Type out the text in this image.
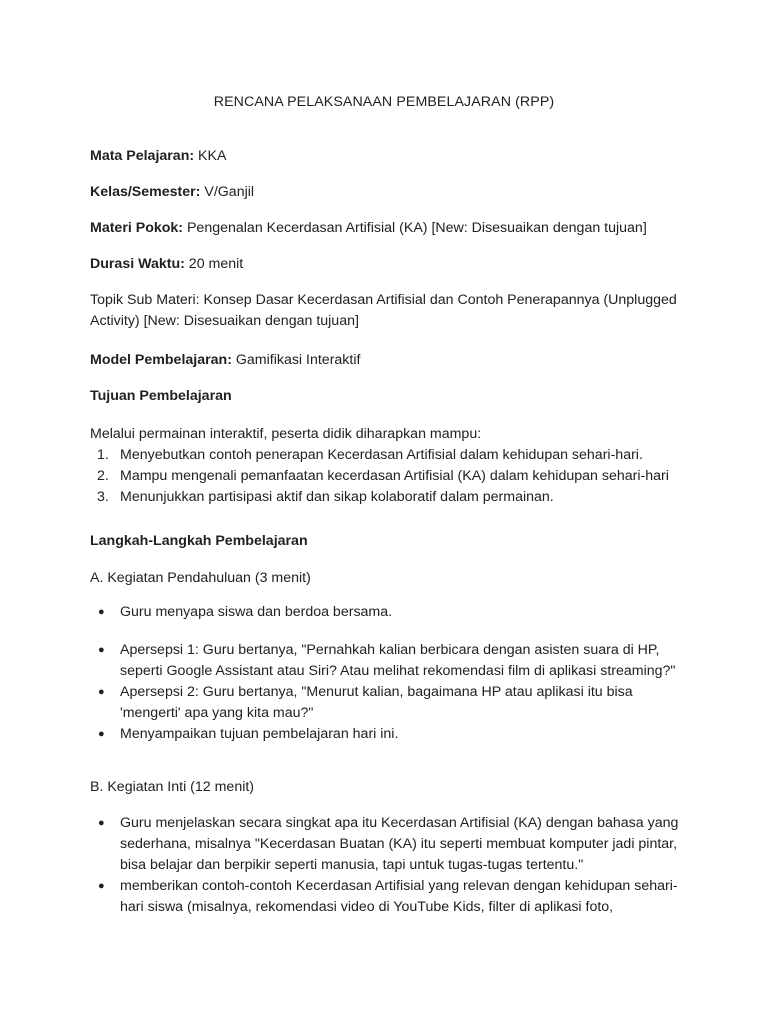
RENCANA PELAKSANAAN PEMBELAJARAN (RPP)
Mata Pelajaran: KKA
Kelas/Semester: V/Ganjil
Materi Pokok: Pengenalan Kecerdasan Artifisial (KA) [New: Disesuaikan dengan tujuan]
Durasi Waktu: 20 menit
Topik Sub Materi: Konsep Dasar Kecerdasan Artifisial dan Contoh Penerapannya (Unplugged Activity) [New: Disesuaikan dengan tujuan]
Model Pembelajaran: Gamifikasi Interaktif
Tujuan Pembelajaran
Melalui permainan interaktif, peserta didik diharapkan mampu:
1. Menyebutkan contoh penerapan Kecerdasan Artifisial dalam kehidupan sehari-hari.
2. Mampu mengenali pemanfaatan kecerdasan Artifisial (KA) dalam kehidupan sehari-hari
3. Menunjukkan partisipasi aktif dan sikap kolaboratif dalam permainan.
Langkah-Langkah Pembelajaran
A. Kegiatan Pendahuluan (3 menit)
● Guru menyapa siswa dan berdoa bersama.
● Apersepsi 1: Guru bertanya, "Pernahkah kalian berbicara dengan asisten suara di HP, seperti Google Assistant atau Siri? Atau melihat rekomendasi film di aplikasi streaming?"
● Apersepsi 2: Guru bertanya, "Menurut kalian, bagaimana HP atau aplikasi itu bisa 'mengerti' apa yang kita mau?"
● Menyampaikan tujuan pembelajaran hari ini.
B. Kegiatan Inti (12 menit)
● Guru menjelaskan secara singkat apa itu Kecerdasan Artifisial (KA) dengan bahasa yang sederhana, misalnya "Kecerdasan Buatan (KA) itu seperti membuat komputer jadi pintar, bisa belajar dan berpikir seperti manusia, tapi untuk tugas-tugas tertentu."
● memberikan contoh-contoh Kecerdasan Artifisial yang relevan dengan kehidupan sehari-hari siswa (misalnya, rekomendasi video di YouTube Kids, filter di aplikasi foto,
